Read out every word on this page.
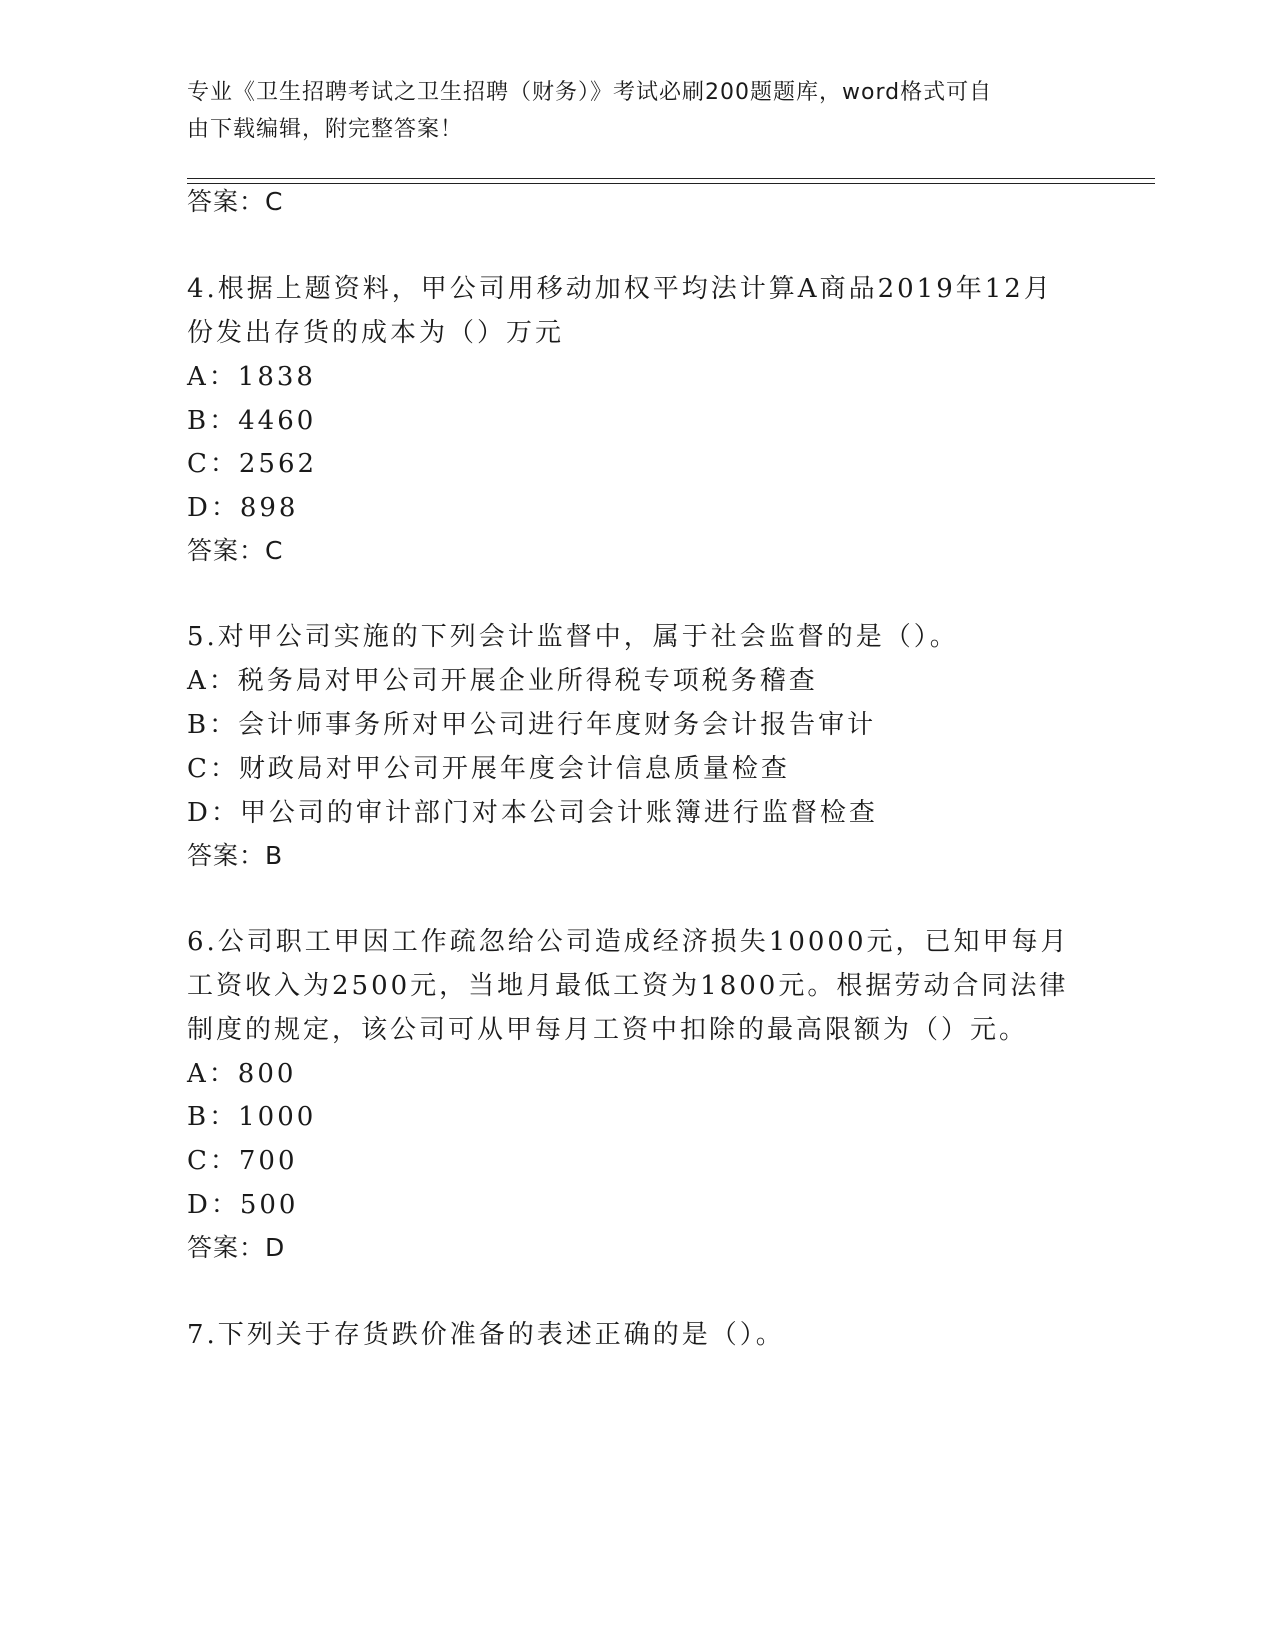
专业《卫生招聘考试之卫生招聘（财务）》考试必刷200题题库，word格式可自
由下载编辑，附完整答案！
答案：C
4.根据上题资料，甲公司用移动加权平均法计算A商品2019年12月
份发出存货的成本为（）万元
A：1838
B：4460
C：2562
D：898
答案：C
5.对甲公司实施的下列会计监督中，属于社会监督的是（）。
A：税务局对甲公司开展企业所得税专项税务稽查
B：会计师事务所对甲公司进行年度财务会计报告审计
C：财政局对甲公司开展年度会计信息质量检查
D：甲公司的审计部门对本公司会计账簿进行监督检查
答案：B
6.公司职工甲因工作疏忽给公司造成经济损失10000元，已知甲每月
工资收入为2500元，当地月最低工资为1800元。根据劳动合同法律
制度的规定，该公司可从甲每月工资中扣除的最高限额为（）元。
A：800
B：1000
C：700
D：500
答案：D
7.下列关于存货跌价准备的表述正确的是（）。
